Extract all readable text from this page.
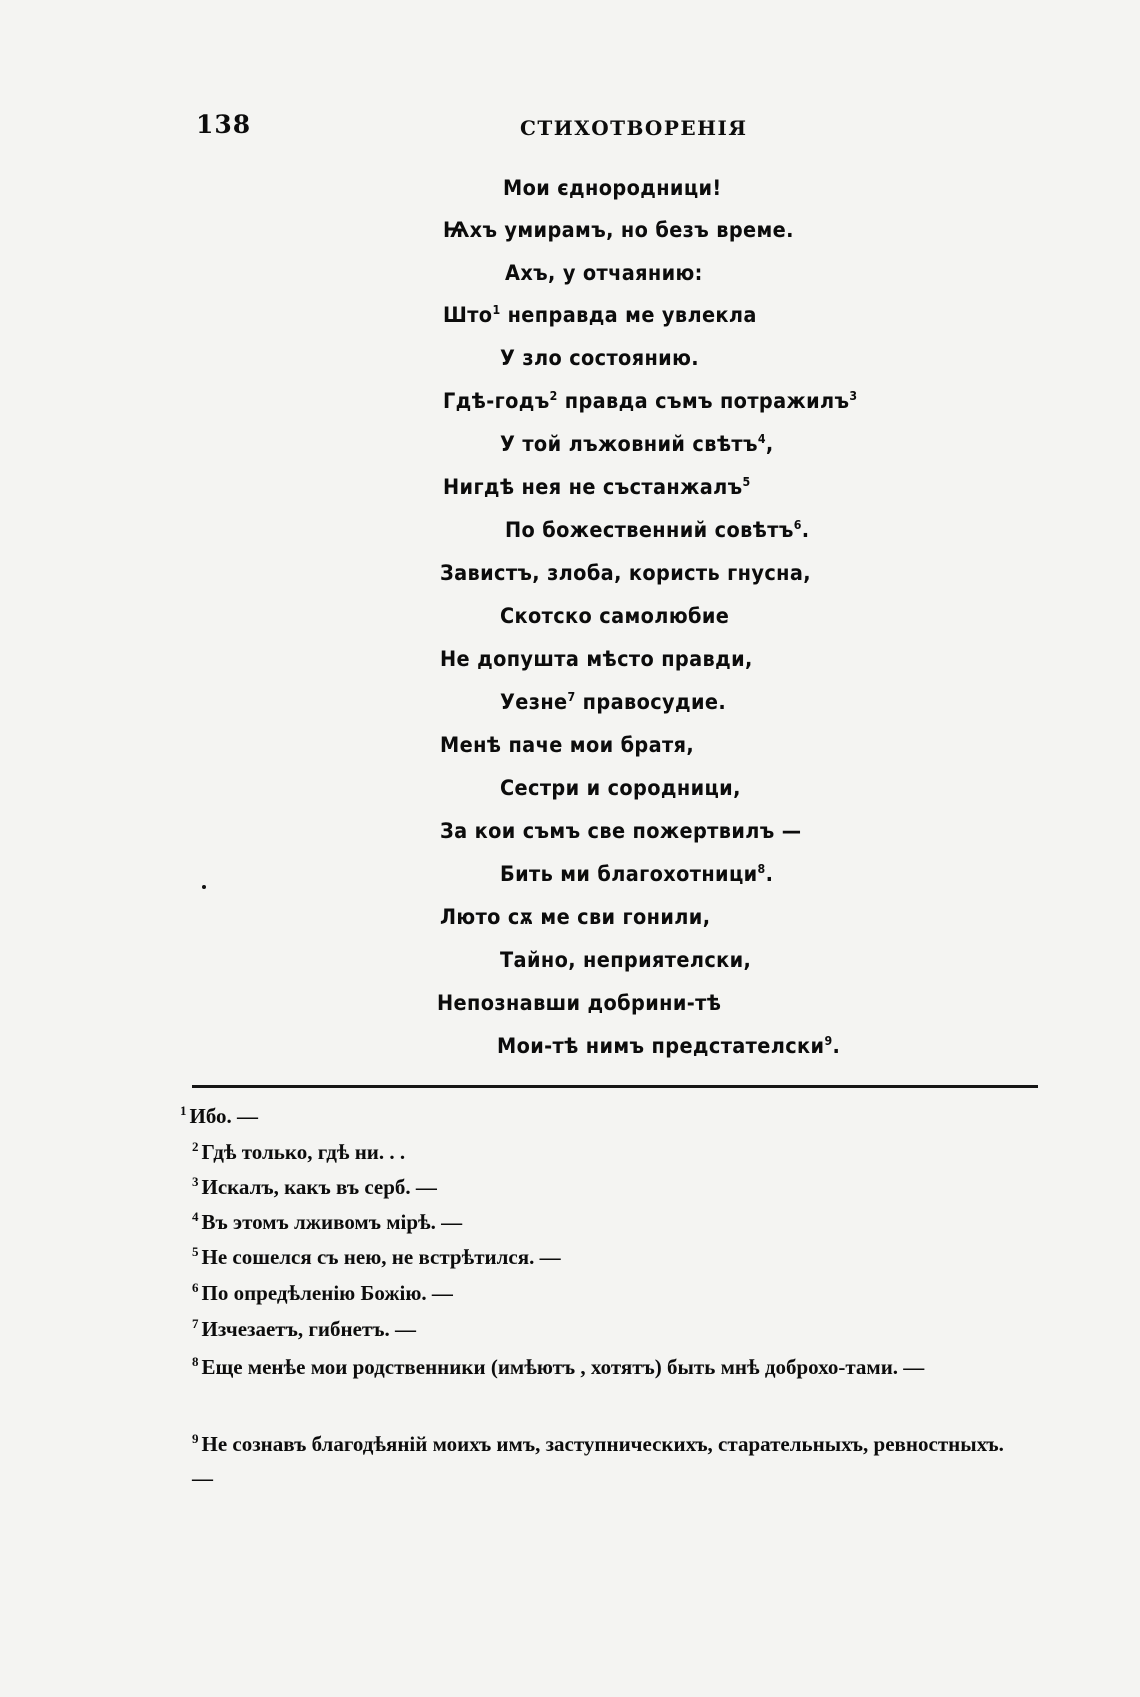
138	СТИХОТВОРЕНIЯ
Мои єднородници!
Ѩхъ умирамъ, но безъ време.
Ахъ, у отчаянию:
Што$^1$ неправда ме увлекла
У зло состоянию.
Гдѣ-годъ$^2$ правда съмъ потражилъ$^3$
У той лъжовний свѣтъ$^4$,
Нигдѣ нея не състанжалъ$^5$
По божественний совѣтъ$^6$.
Завистъ, злоба, користь гнусна,
Скотско самолюбие
Не допушта мѣсто правди,
Уезне$^7$ правосудие.
Менѣ паче мои братя,
Сестри и сородници,
За кои съмъ све пожертвилъ —
Бить ми благохотници$^8$.
Люто сѫ ме сви гонили,
Тайно, неприятелски,
Непознавши добрини-тѣ
Мои-тѣ нимъ предстателски$^9$.
$^1$ Ибо. —
$^2$ Гдѣ только, гдѣ ни. . .
$^3$ Искалъ, какъ въ серб. —
$^4$ Въ этомъ лживомъ мiрѣ. —
$^5$ Не сошелся съ нею, не встрѣтился. —
$^6$ По опредѣленiю Божiю. —
$^7$ Изчезаетъ, гибнетъ. —
$^8$ Еще менѣе мои родственники (имѣютъ , хотятъ) быть мнѣ доброхо-тами. —
$^9$ Не сознавъ благодѣянiй моихъ имъ, заступническихъ, старательныхъ, ревностныхъ. —
